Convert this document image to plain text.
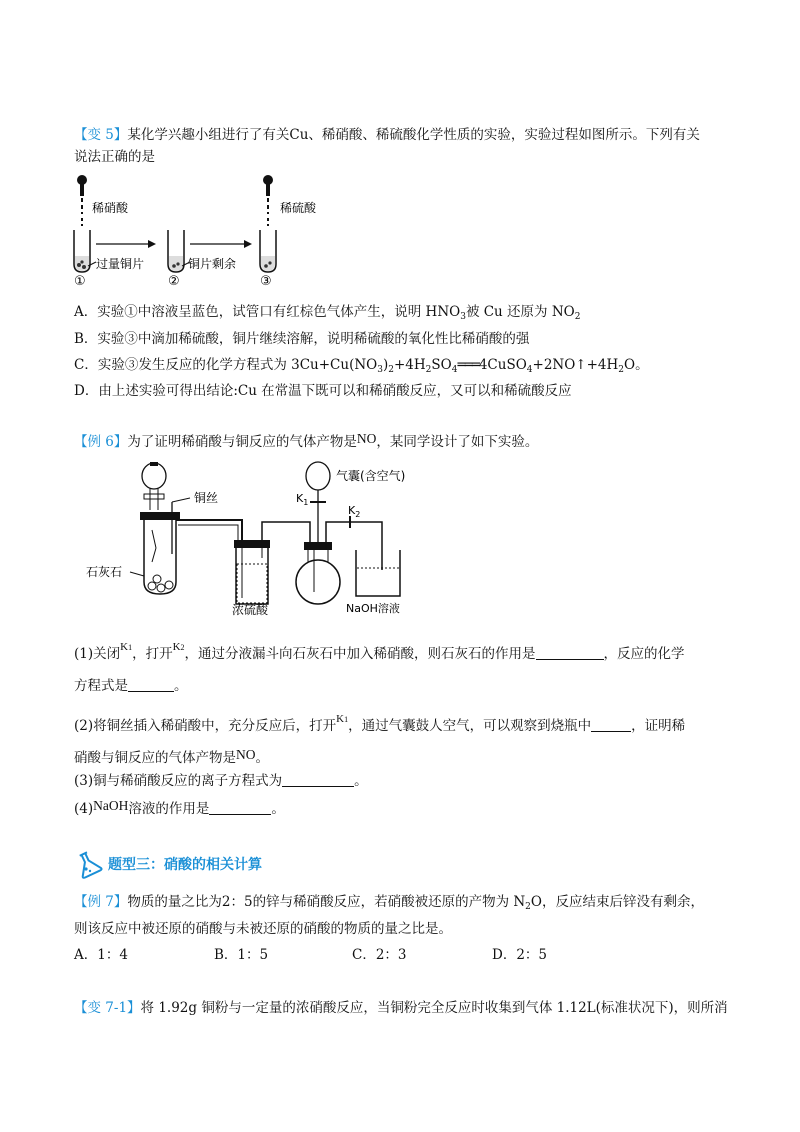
【变 5】某化学兴趣小组进行了有关Cu、稀硝酸、稀硫酸化学性质的实验，实验过程如图所示。下列有关
说法正确的是
稀硝酸
过量铜片
①
铜片剩余
②
稀硫酸
③
A．实验①中溶液呈蓝色，试管口有红棕色气体产生，说明 $HNO_3$被 Cu 还原为 $NO_2$
B．实验③中滴加稀硫酸，铜片继续溶解，说明稀硫酸的氧化性比稀硝酸的强
C．实验③发生反应的化学方程式为 $3Cu+Cu(NO_3)_2+4H_2SO_4═══4CuSO_4+2NO↑+4H_2O$。
D．由上述实验可得出结论:Cu 在常温下既可以和稀硝酸反应，又可以和稀硫酸反应
【例 6】为了证明稀硝酸与铜反应的气体产物是NO，某同学设计了如下实验。
铜丝
石灰石
浓硫酸
气囊(含空气)
$K_1$
$K_2$
NaOH溶液
(1)关闭K1，打开K2，通过分液漏斗向石灰石中加入稀硝酸，则石灰石的作用是	，反应的化学
方程式是	。
(2)将铜丝插入稀硝酸中，充分反应后，打开K1，通过气囊鼓人空气，可以观察到烧瓶中	，证明稀
硝酸与铜反应的气体产物是NO。
(3)铜与稀硝酸反应的离子方程式为	。
(4)NaOH溶液的作用是	。
题型三：硝酸的相关计算
【例 7】物质的量之比为2：5的锌与稀硝酸反应，若硝酸被还原的产物为 $N_2O$，反应结束后锌没有剩余，
则该反应中被还原的硝酸与未被还原的硝酸的物质的量之比是。
A．1：4	B．1：5	C．2：3	D．2：5
【变 7-1】将 1.92g 铜粉与一定量的浓硝酸反应，当铜粉完全反应时收集到气体 1.12L(标准状况下)，则所消
